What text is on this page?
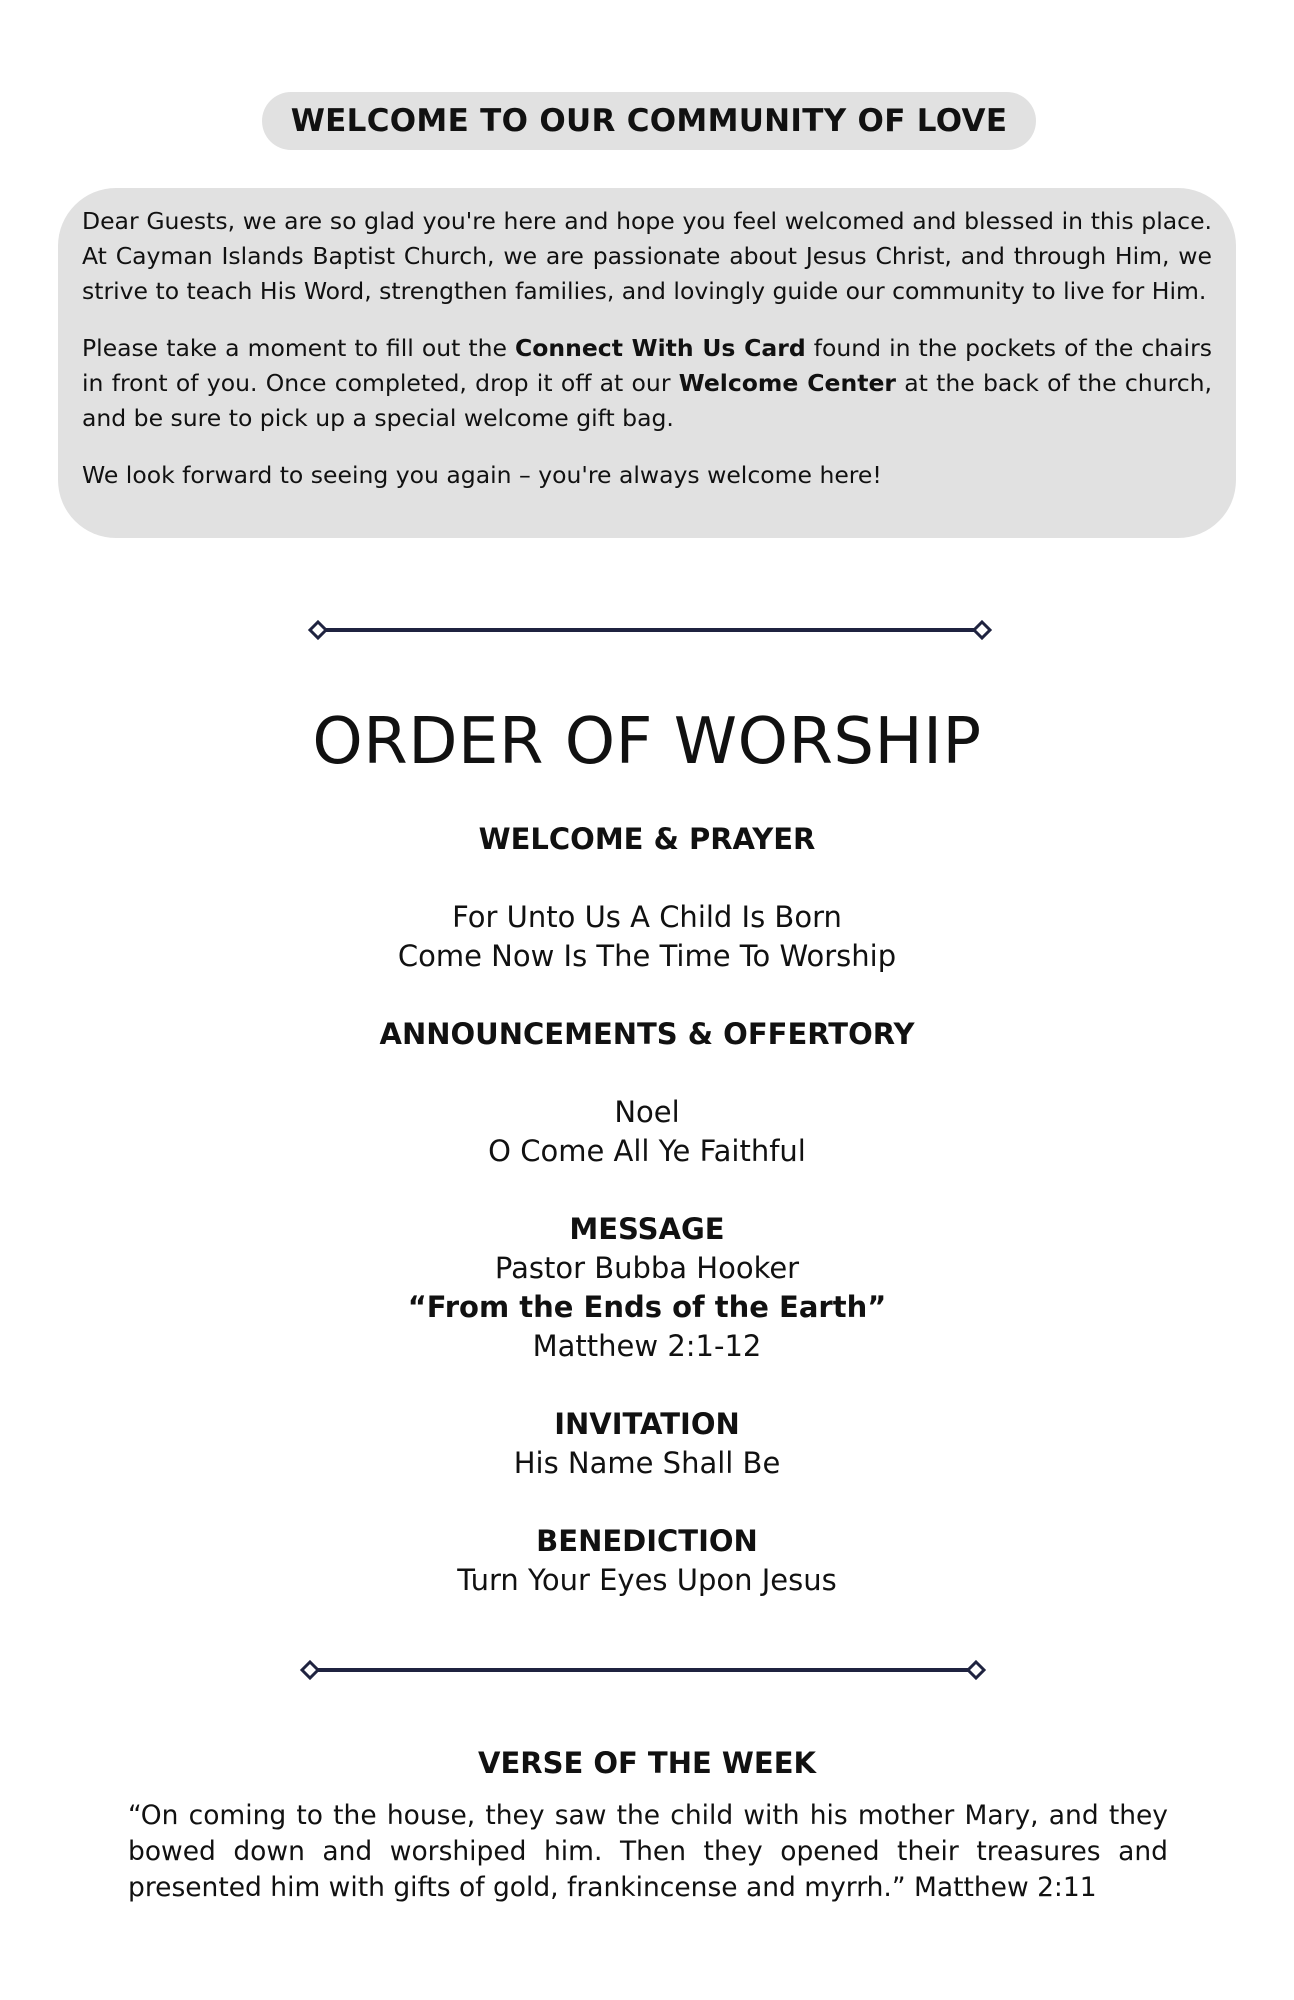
WELCOME TO OUR COMMUNITY OF LOVE

Dear Guests, we are so glad you're here and hope you feel welcomed and blessed in this place. At Cayman Islands Baptist Church, we are passionate about Jesus Christ, and through Him, we strive to teach His Word, strengthen families, and lovingly guide our community to live for Him.

Please take a moment to fill out the Connect With Us Card found in the pockets of the chairs in front of you. Once completed, drop it off at our Welcome Center at the back of the church, and be sure to pick up a special welcome gift bag.

We look forward to seeing you again – you're always welcome here!

ORDER OF WORSHIP
WELCOME & PRAYER
For Unto Us A Child Is Born
Come Now Is The Time To Worship
ANNOUNCEMENTS & OFFERTORY
Noel
O Come All Ye Faithful
MESSAGE
Pastor Bubba Hooker
“From the Ends of the Earth”
Matthew 2:1-12
INVITATION
His Name Shall Be
BENEDICTION
Turn Your Eyes Upon Jesus
VERSE OF THE WEEK
“On coming to the house, they saw the child with his mother Mary, and they bowed down and worshiped him. Then they opened their treasures and presented him with gifts of gold, frankincense and myrrh.” Matthew 2:11
